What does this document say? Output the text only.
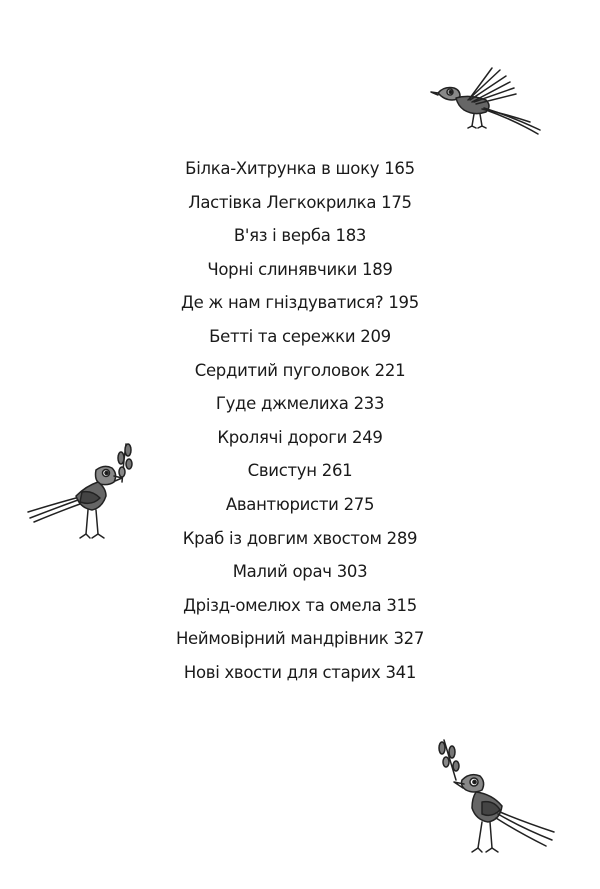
Білка-Хитрунка в шоку 165
Ластівка Легкокрилка 175
В'яз і верба 183
Чорні слинявчики 189
Де ж нам гніздуватися? 195
Бетті та сережки 209
Сердитий пуголовок 221
Гуде джмелиха 233
Кролячі дороги 249
Свистун 261
Авантюристи 275
Краб із довгим хвостом 289
Малий орач 303
Дрізд-омелюх та омела 315
Неймовірний мандрівник 327
Нові хвости для старих 341
